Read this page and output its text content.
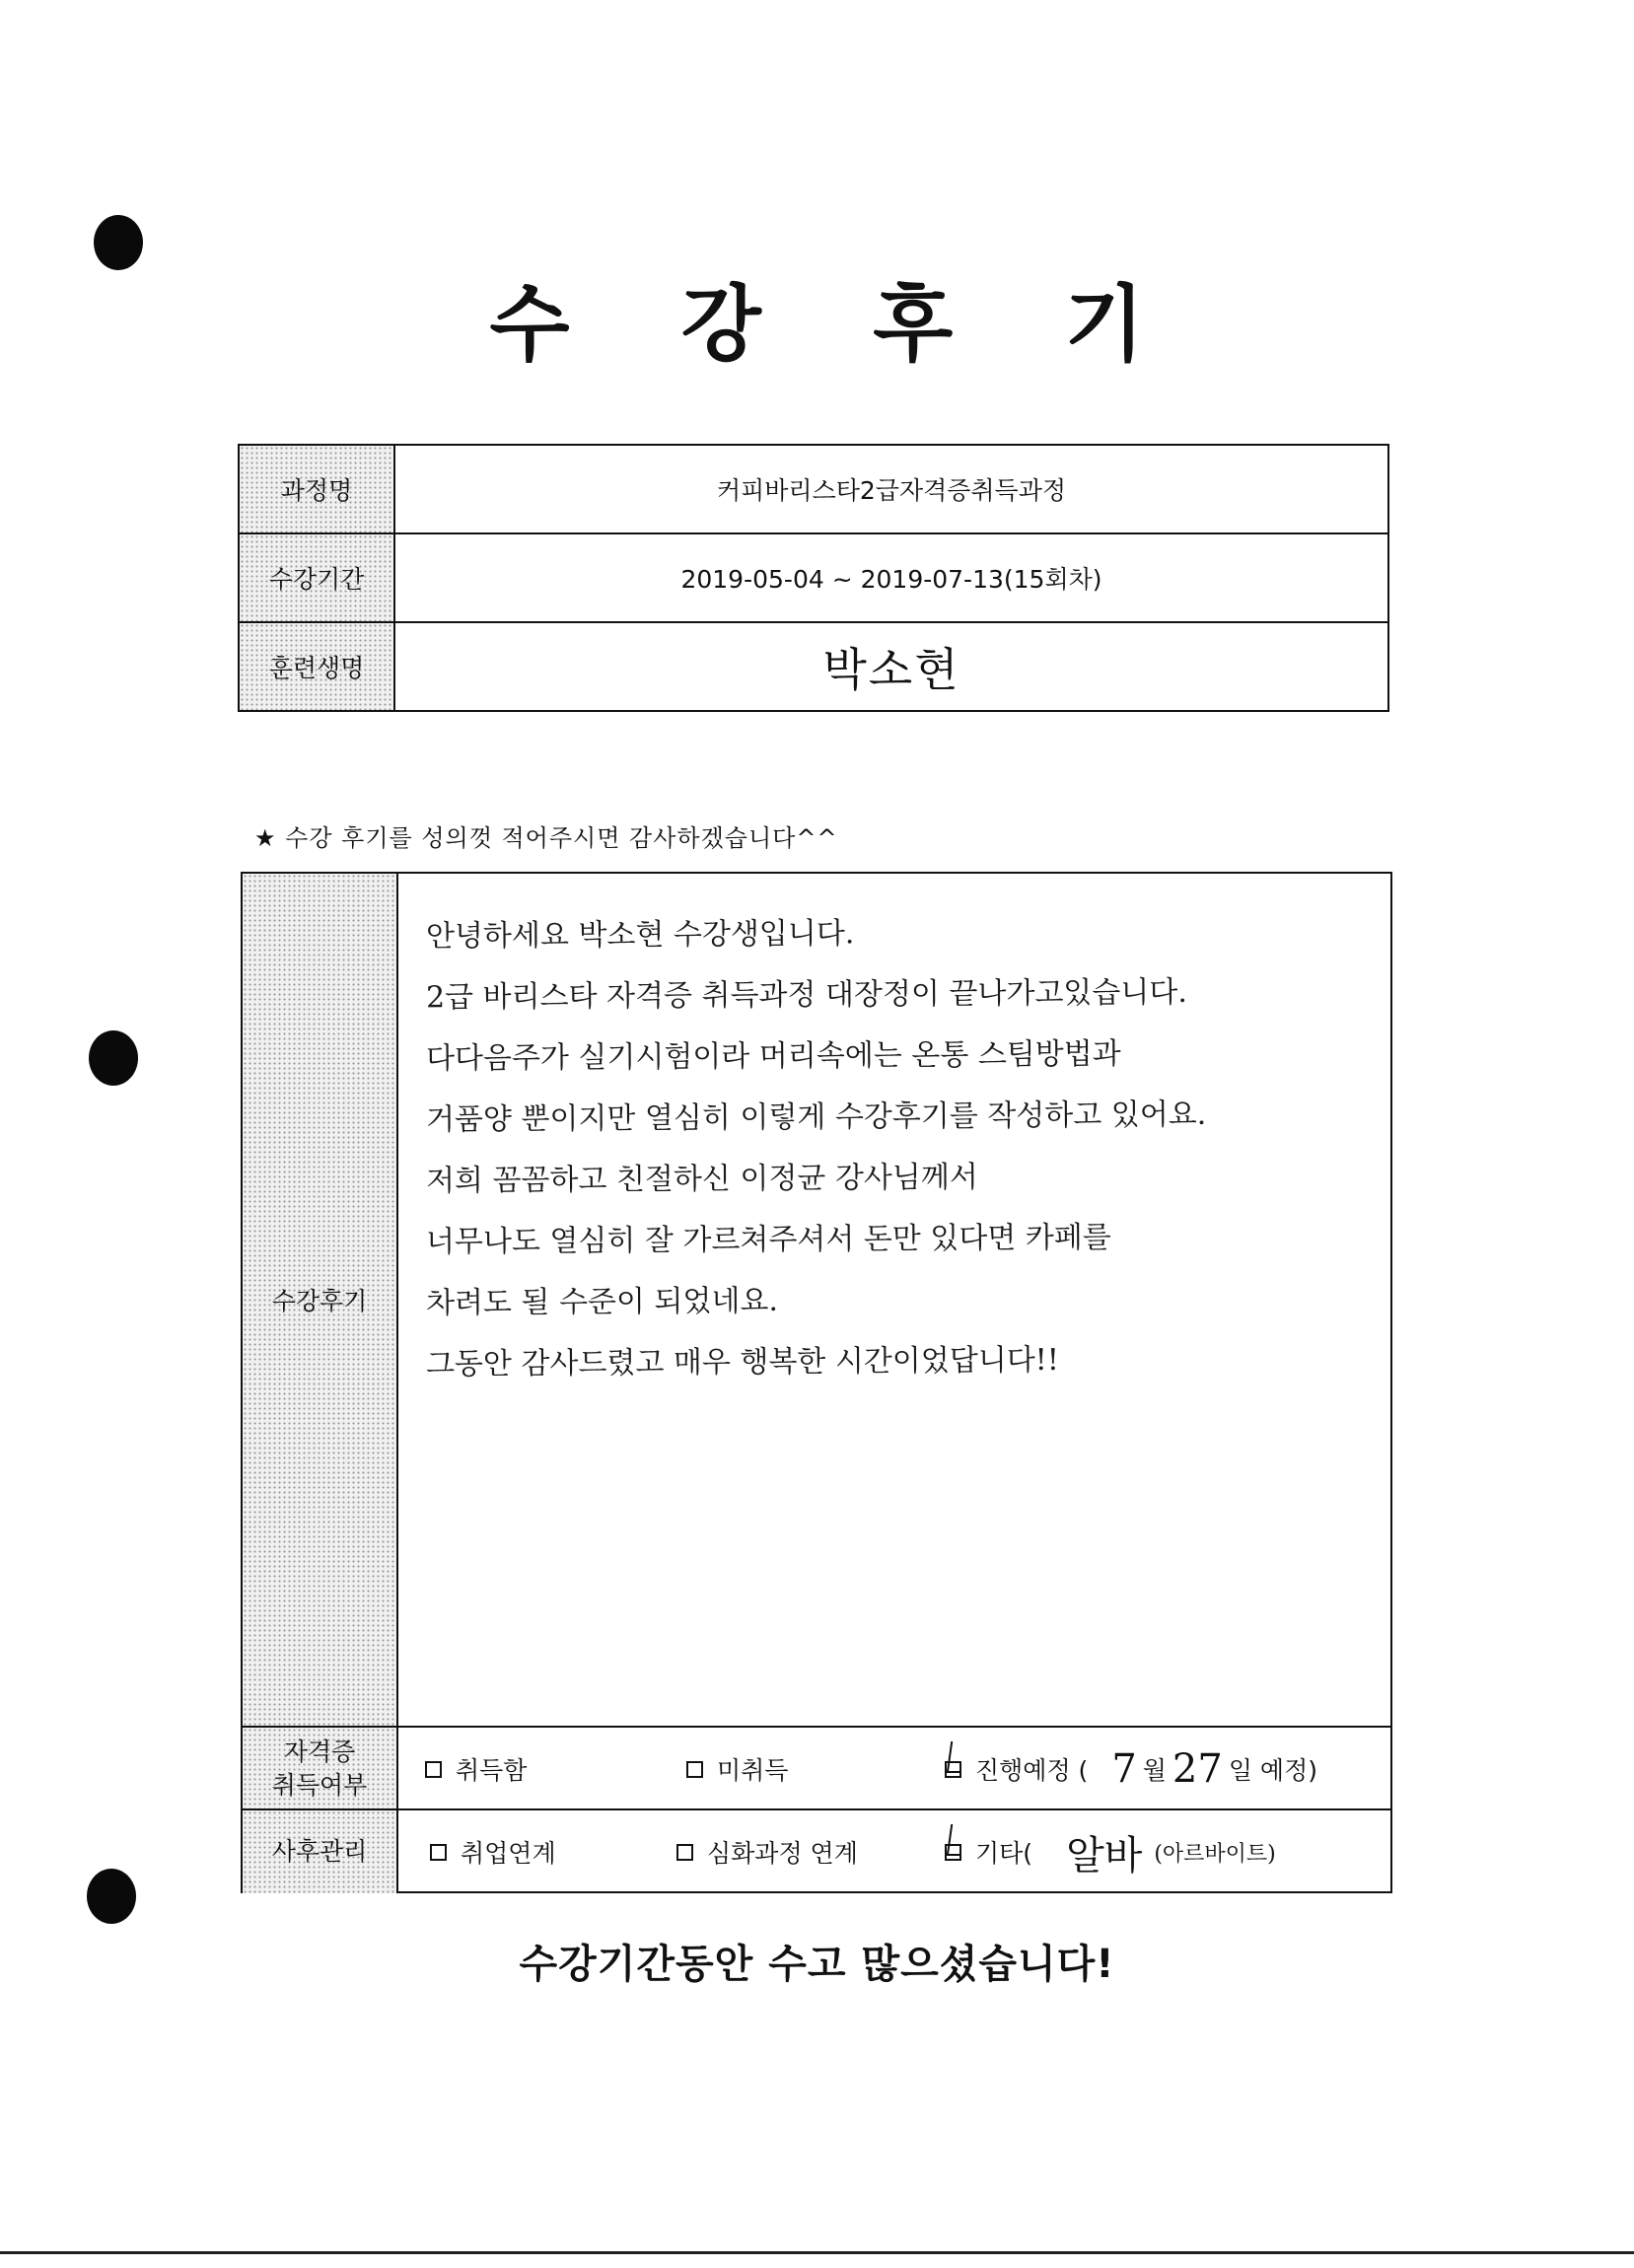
수 강 후 기
과정명	커피바리스타2급자격증취득과정
수강기간	2019-05-04 ~ 2019-07-13(15회차)
훈련생명	박소현
★ 수강 후기를 성의껏 적어주시면 감사하겠습니다^^
수강후기
안녕하세요 박소현 수강생입니다.
2급 바리스타 자격증 취득과정 대장정이 끝나가고있습니다.
다다음주가 실기시험이라 머리속에는 온통 스팀방법과
거품양 뿐이지만 열심히 이렇게 수강후기를 작성하고 있어요.
저희 꼼꼼하고 친절하신 이정균 강사님께서
너무나도 열심히 잘 가르쳐주셔서 돈만 있다면 카페를
차려도 될 수준이 되었네요.
그동안 감사드렸고 매우 행복한 시간이었답니다!!
자격증
취득여부
취득함	미취득	진행예정 ( 7 월 27 일 예정)
사후관리	취업연계	심화과정 연계	기타( 알바 (아르바이트)
수강기간동안 수고 많으셨습니다!
